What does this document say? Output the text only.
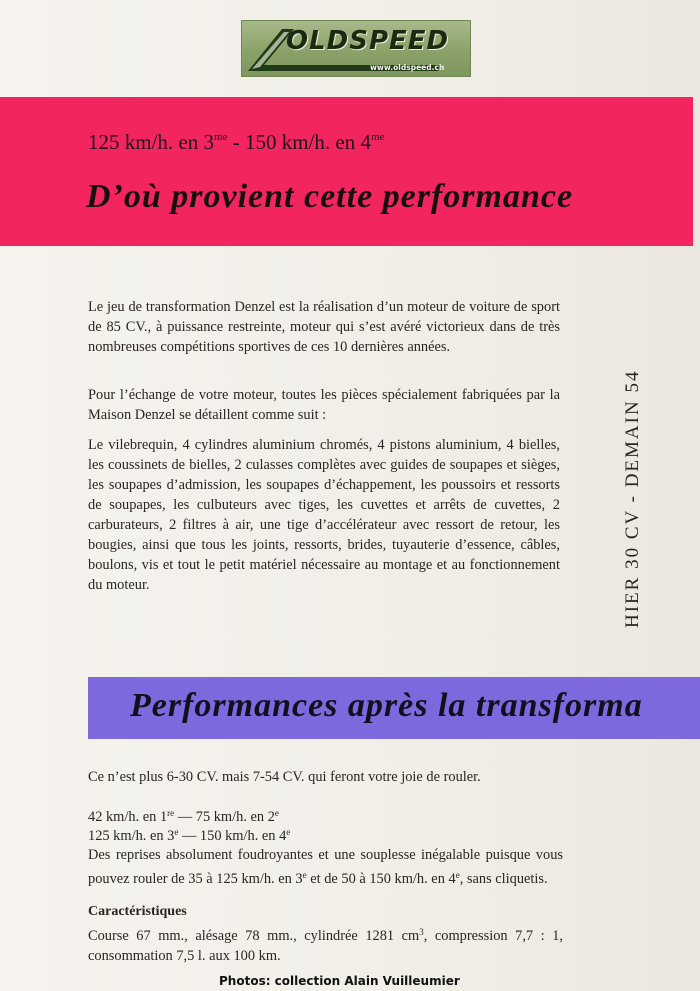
OLDSPEED
www.oldspeed.ch
125 km/h. en $3^{me} - 150$ km/h. en $4^{me}$
D’où provient cette performance

Le jeu de transformation Denzel est la réalisation d’un moteur de voiture de sport de 85 CV., à puissance restreinte, moteur qui s’est avéré victorieux dans de très nombreuses compétitions sportives de ces 10 dernières années.

Pour l’échange de votre moteur, toutes les pièces spécialement fabriquées par la Maison Denzel se détaillent comme suit :

Le vilebrequin, 4 cylindres aluminium chromés, 4 pistons aluminium, 4 bielles, les coussinets de bielles, 2 culasses complètes avec guides de soupapes et sièges, les soupapes d’admission, les soupapes d’échappement, les poussoirs et ressorts de soupapes, les culbuteurs avec tiges, les cuvettes et arrêts de cuvettes, 2 carburateurs, 2 filtres à air, une tige d’accélérateur avec ressort de retour, les bougies, ainsi que tous les joints, ressorts, brides, tuyauterie d’essence, câbles, boulons, vis et tout le petit matériel nécessaire au montage et au fonctionnement du moteur.	HIER 30 CV - DEMAIN 54
Performances après la transforma

Ce n’est plus 6-30 CV. mais 7-54 CV. qui feront votre joie de rouler.

42 km/h. en 1re — 75 km/h. en 2e

125 km/h. en 3e — 150 km/h. en 4e

Des reprises absolument foudroyantes et une souplesse inégalable puisque vous pouvez rouler de 35 à 125 km/h. en 3e et de 50 à 150 km/h. en 4e, sans cliquetis.

Caractéristiques

Course 67 mm., alésage 78 mm., cylindrée 1281 $cm^3$, compression 7,7 : 1, consommation 7,5 l. aux 100 km.

Photos: collection Alain Vuilleumier
